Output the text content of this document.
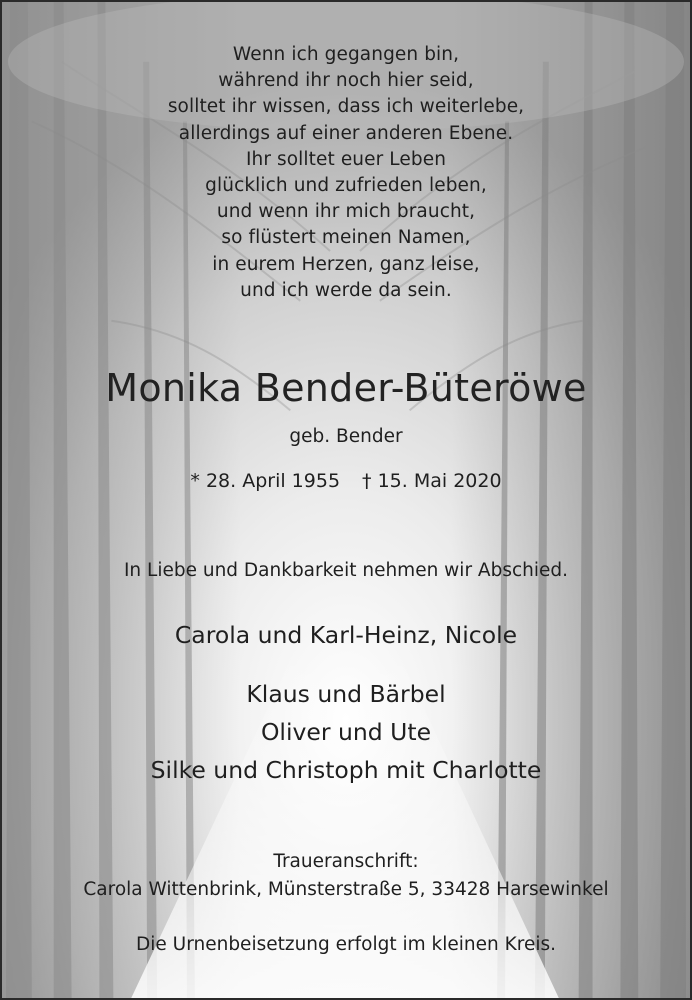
Wenn ich gegangen bin,
während ihr noch hier seid,
solltet ihr wissen, dass ich weiterlebe,
allerdings auf einer anderen Ebene.
Ihr solltet euer Leben
glücklich und zufrieden leben,
und wenn ihr mich braucht,
so flüstert meinen Namen,
in eurem Herzen, ganz leise,
und ich werde da sein.
Monika Bender-Büteröwe
geb. Bender
* 28. April 1955 † 15. Mai 2020
In Liebe und Dankbarkeit nehmen wir Abschied.
Carola und Karl-Heinz, Nicole
Klaus und Bärbel
Oliver und Ute
Silke und Christoph mit Charlotte
Traueranschrift:
Carola Wittenbrink, Münsterstraße 5, 33428 Harsewinkel
Die Urnenbeisetzung erfolgt im kleinen Kreis.
